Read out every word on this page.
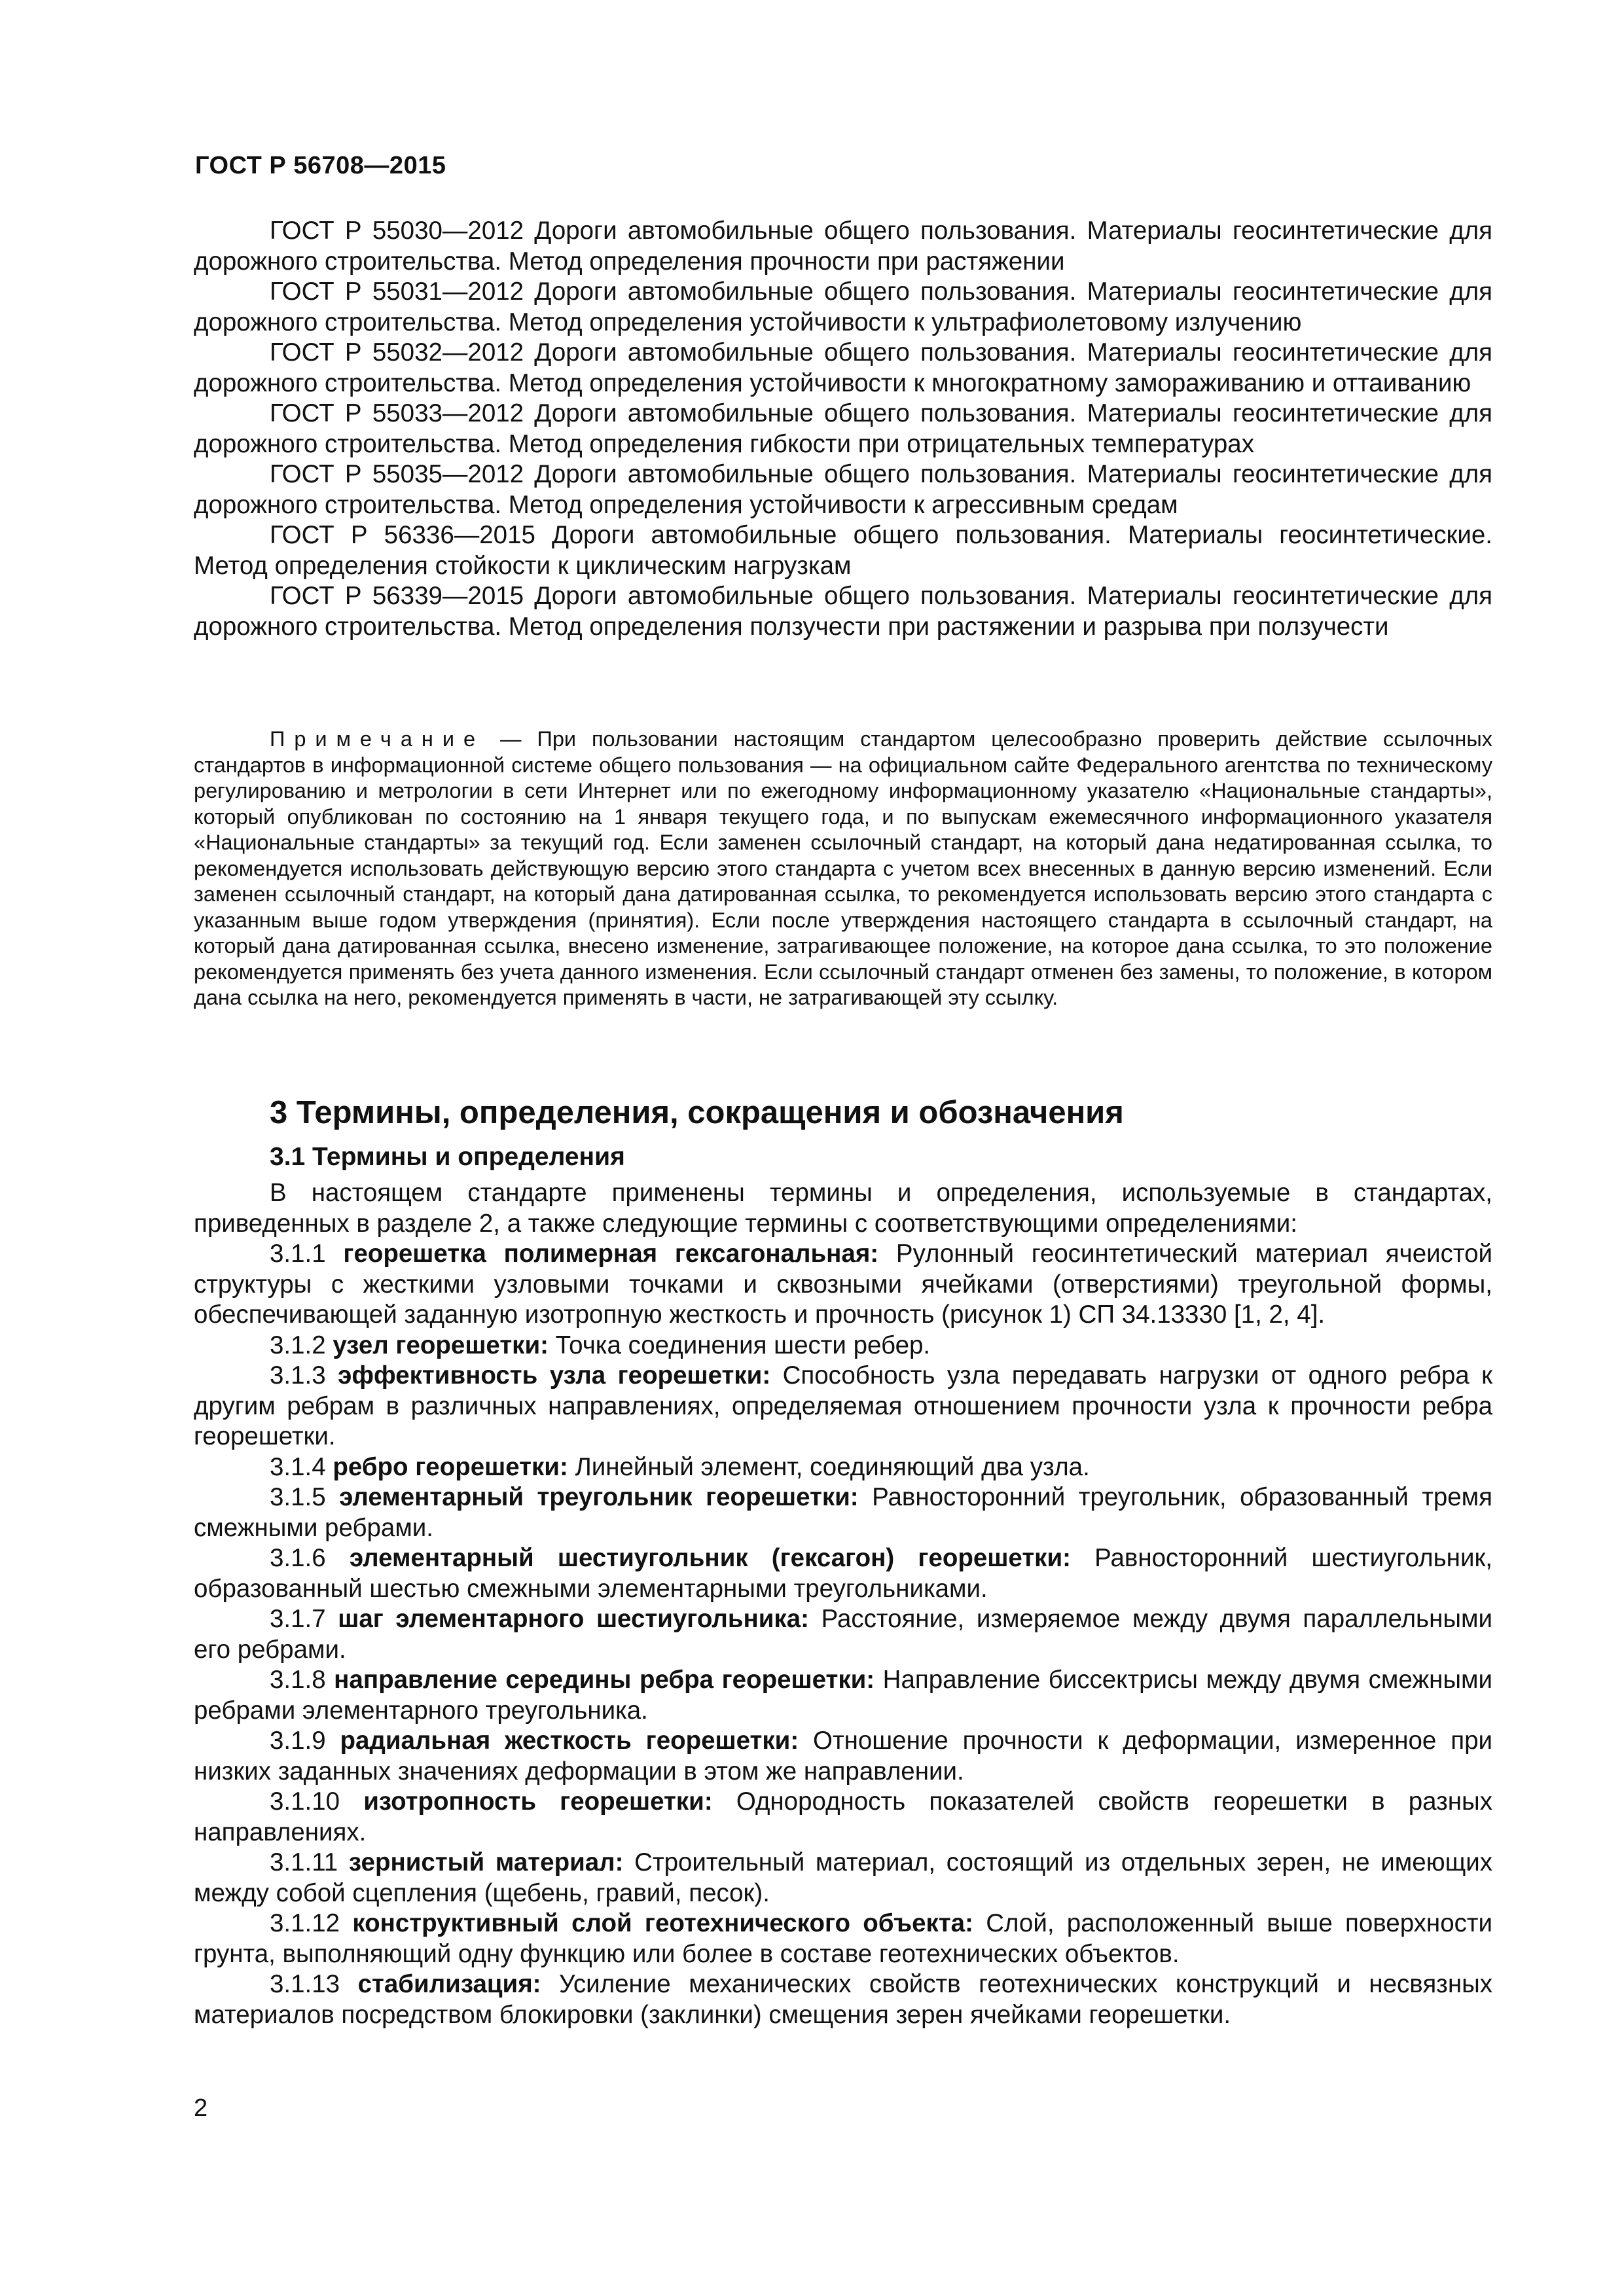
ГОСТ Р 56708—2015

ГОСТ Р 55030—2012 Дороги автомобильные общего пользования. Материалы геосинтетические для дорожного строительства. Метод определения прочности при растяжении

ГОСТ Р 55031—2012 Дороги автомобильные общего пользования. Материалы геосинтетические для дорожного строительства. Метод определения устойчивости к ультрафиолетовому излучению

ГОСТ Р 55032—2012 Дороги автомобильные общего пользования. Материалы геосинтетические для дорожного строительства. Метод определения устойчивости к многократному замораживанию и оттаиванию

ГОСТ Р 55033—2012 Дороги автомобильные общего пользования. Материалы геосинтетические для дорожного строительства. Метод определения гибкости при отрицательных температурах

ГОСТ Р 55035—2012 Дороги автомобильные общего пользования. Материалы геосинтетические для дорожного строительства. Метод определения устойчивости к агрессивным средам

ГОСТ Р 56336—2015 Дороги автомобильные общего пользования. Материалы геосинтетические. Метод определения стойкости к циклическим нагрузкам

ГОСТ Р 56339—2015 Дороги автомобильные общего пользования. Материалы геосинтетические для дорожного строительства. Метод определения ползучести при растяжении и разрыва при ползучести

Примечание — При пользовании настоящим стандартом целесообразно проверить действие ссылочных стандартов в информационной системе общего пользования — на официальном сайте Федерального агентства по техническому регулированию и метрологии в сети Интернет или по ежегодному информационному указателю «Национальные стандарты», который опубликован по состоянию на 1 января текущего года, и по выпускам ежемесячного информационного указателя «Национальные стандарты» за текущий год. Если заменен ссылочный стандарт, на который дана недатированная ссылка, то рекомендуется использовать действующую версию этого стандарта с учетом всех внесенных в данную версию изменений. Если заменен ссылочный стандарт, на который дана датированная ссылка, то рекомендуется использовать версию этого стандарта с указанным выше годом утверждения (принятия). Если после утверждения настоящего стандарта в ссылочный стандарт, на который дана датированная ссылка, внесено изменение, затрагивающее положение, на которое дана ссылка, то это положение рекомендуется применять без учета данного изменения. Если ссылочный стандарт отменен без замены, то положение, в котором дана ссылка на него, рекомендуется применять в части, не затрагивающей эту ссылку.

3 Термины, определения, сокращения и обозначения
3.1 Термины и определения

В настоящем стандарте применены термины и определения, используемые в стандартах, приведенных в разделе 2, а также следующие термины с соответствующими определениями:

3.1.1 георешетка полимерная гексагональная: Рулонный геосинтетический материал ячеистой структуры с жесткими узловыми точками и сквозными ячейками (отверстиями) треугольной формы, обеспечивающей заданную изотропную жесткость и прочность (рисунок 1) СП 34.13330 [1, 2, 4].

3.1.2 узел георешетки: Точка соединения шести ребер.

3.1.3 эффективность узла георешетки: Способность узла передавать нагрузки от одного ребра к другим ребрам в различных направлениях, определяемая отношением прочности узла к прочности ребра георешетки.

3.1.4 ребро георешетки: Линейный элемент, соединяющий два узла.

3.1.5 элементарный треугольник георешетки: Равносторонний треугольник, образованный тремя смежными ребрами.

3.1.6 элементарный шестиугольник (гексагон) георешетки: Равносторонний шестиугольник, образованный шестью смежными элементарными треугольниками.

3.1.7 шаг элементарного шестиугольника: Расстояние, измеряемое между двумя параллельными его ребрами.

3.1.8 направление середины ребра георешетки: Направление биссектрисы между двумя смежными ребрами элементарного треугольника.

3.1.9 радиальная жесткость георешетки: Отношение прочности к деформации, измеренное при низких заданных значениях деформации в этом же направлении.

3.1.10 изотропность георешетки: Однородность показателей свойств георешетки в разных направлениях.

3.1.11 зернистый материал: Строительный материал, состоящий из отдельных зерен, не имеющих между собой сцепления (щебень, гравий, песок).

3.1.12 конструктивный слой геотехнического объекта: Слой, расположенный выше поверхности грунта, выполняющий одну функцию или более в составе геотехнических объектов.

3.1.13 стабилизация: Усиление механических свойств геотехнических конструкций и несвязных материалов посредством блокировки (заклинки) смещения зерен ячейками георешетки.

2
